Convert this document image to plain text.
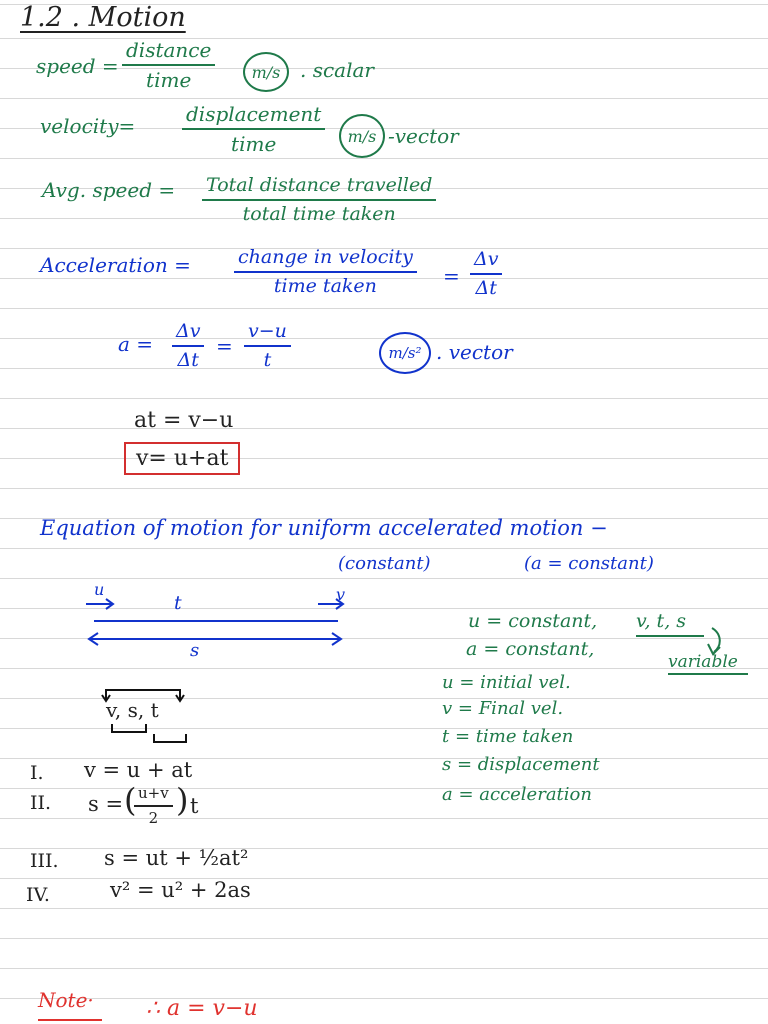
1.2 . Motion
speed =
distance
time	m/s . scalar
velocity=	displacement
time	m/s -vector
Avg. speed = Total distance travelled
total time taken
Acceleration = change in velocity
time taken	= $\frac{\Delta v}{\Delta t}$
$a = \frac{\Delta v}{\Delta t} = \frac{v-u}{t}$	m/s² . vector
at = v−u
v= u+at
Equation of motion for uniform accelerated motion −
(constant)	(a = constant)
u
t	v
s
v, s, t
u = constant, v, t, s
a = constant,
variable
u = initial vel.
v = Final vel.
t = time taken
s = displacement
a = acceleration
I. v = u + at
II. s = (
$\frac{u+v}{2}$ ) t
III. s = ut + ½at²
IV.	v² = u² + 2as
Note· ∴ a = v−u
